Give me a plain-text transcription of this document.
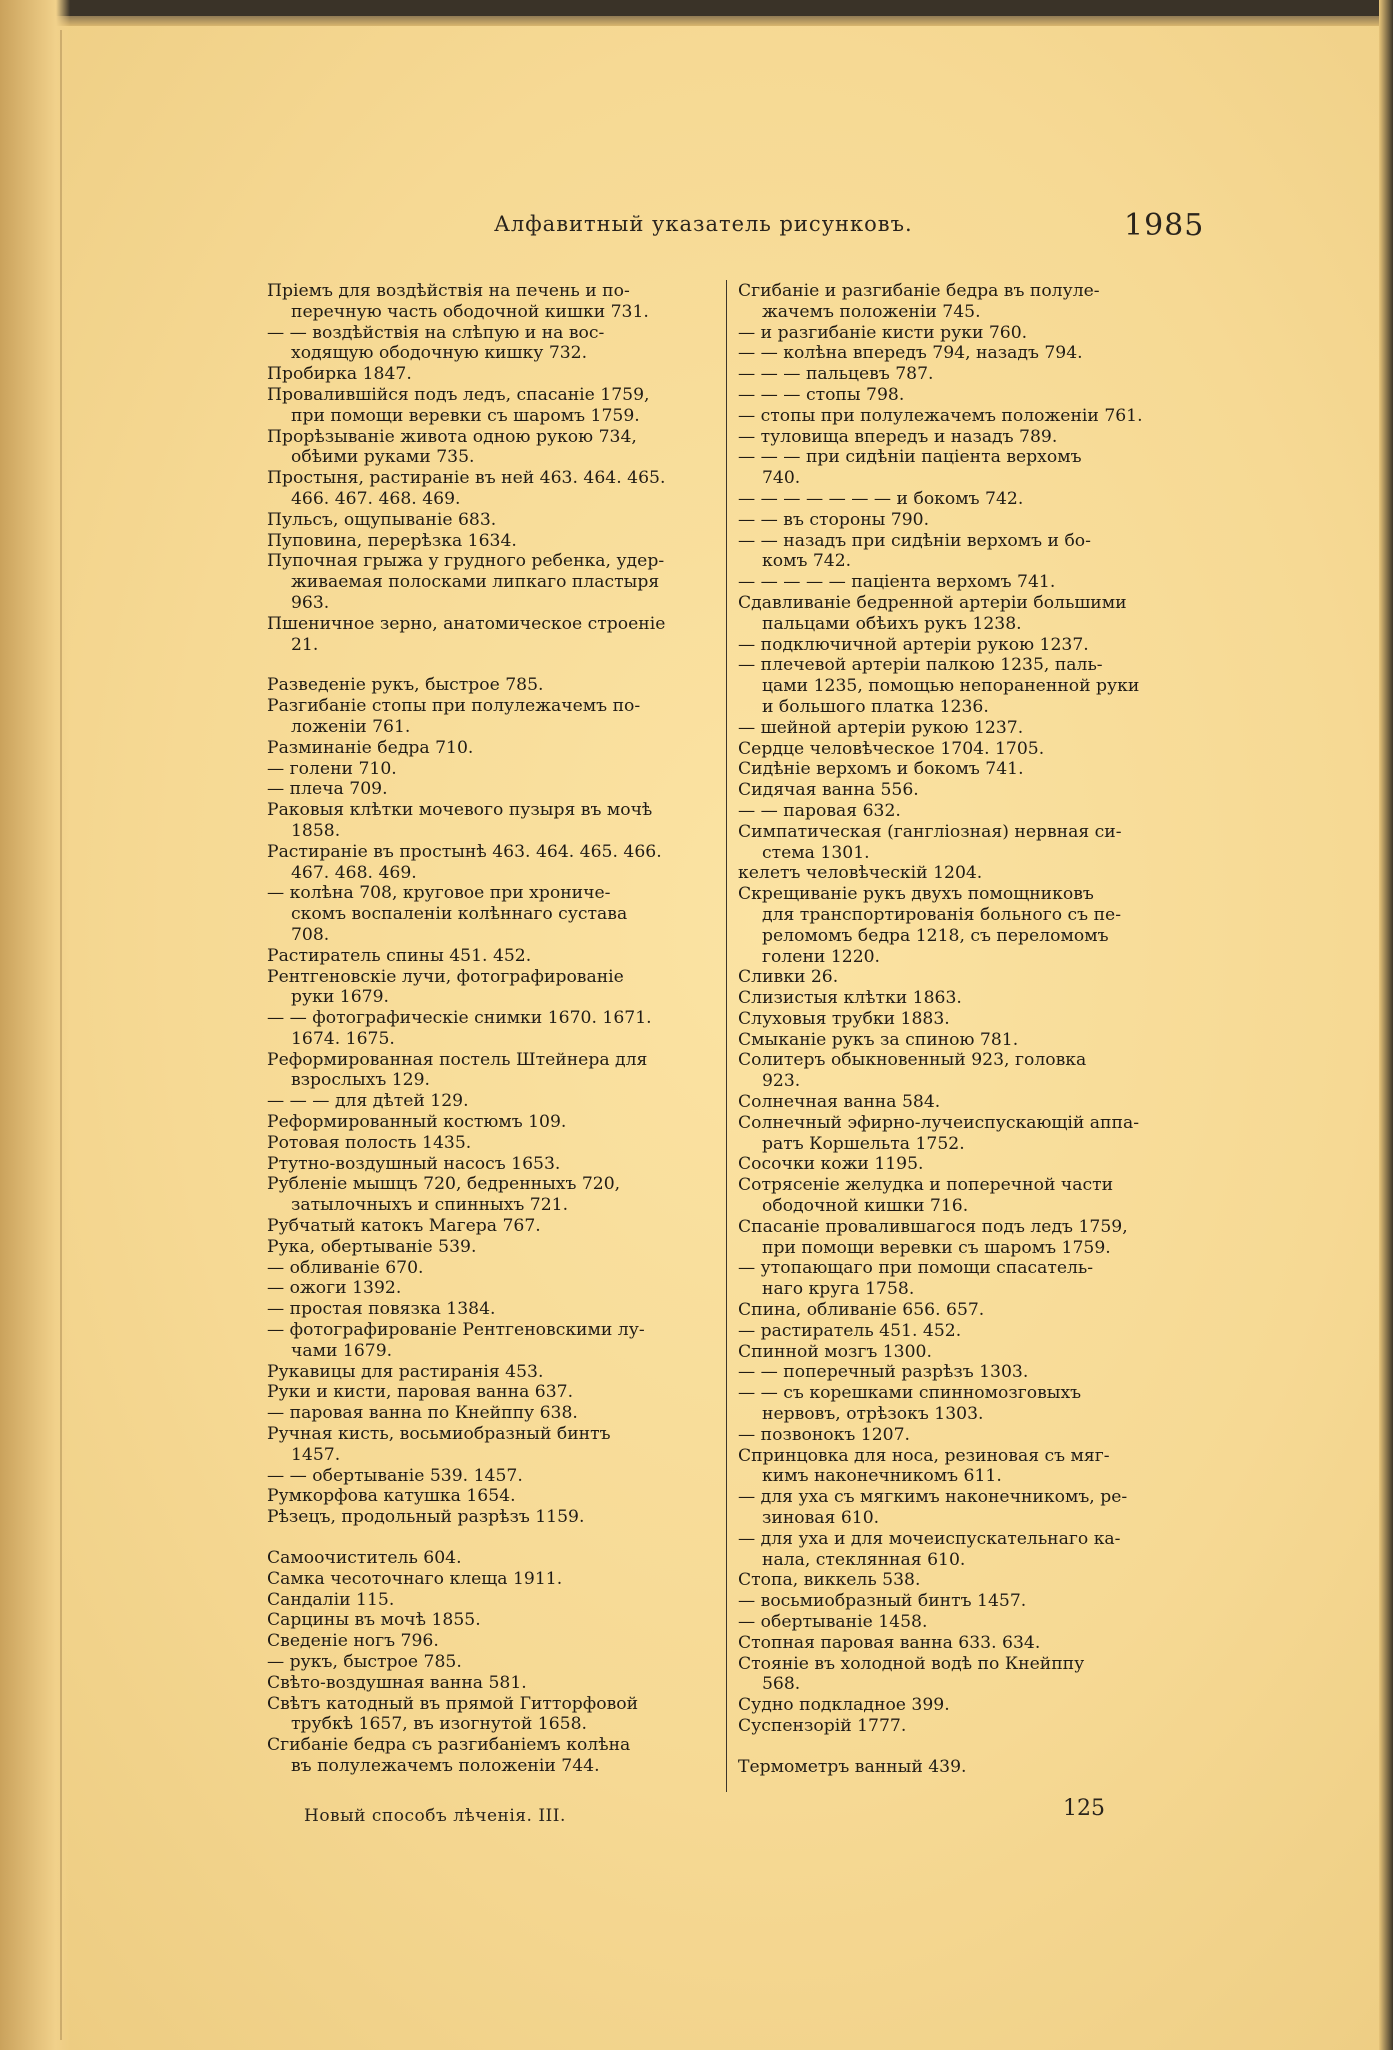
Алфавитный указатель рисунковъ.	1985
Пріемъ для воздѣйствія на печень и по-
перечную часть ободочной кишки 731.
— — воздѣйствія на слѣпую и на вос-
ходящую ободочную кишку 732.
Пробирка 1847.
Проваливш‍ійся подъ ледъ, спасаніе 1759,
при помощи веревки съ шаромъ 1759.
Прорѣзываніе живота одною рукою 734,
обѣими руками 735.
Простыня, растираніе въ ней 463. 464. 465.
466. 467. 468. 469.
Пульсъ, ощупываніе 683.
Пуповина, перерѣзка 1634.
Пупочная грыжа у грудного ребенка, удер-
живаемая полосками липкаго пластыря
963.
Пшеничное зерно, анатомическое строеніе
21.
Разведеніе рукъ, быстрое 785.
Разгибаніе стопы при полулежачемъ по-
ложеніи 761.
Разминаніе бедра 710.
— голени 710.
— плеча 709.
Раковыя клѣтки мочевого пузыря въ мочѣ
1858.
Растираніе въ простынѣ 463. 464. 465. 466.
467. 468. 469.
— колѣна 708, круговое при хрониче-
скомъ воспаленіи колѣннаго сустава
708.
Растиратель спины 451. 452.
Рентгеновскіе лучи, фотографированіе
руки 1679.
— — фотографическіе снимки 1670. 1671.
1674. 1675.
Реформированная постель Штейнера для
взрослыхъ 129.
— — — для дѣтей 129.
Реформированный костюмъ 109.
Ротовая полость 1435.
Ртутно-воздушный насосъ 1653.
Рубленіе мышцъ 720, бедренныхъ 720,
затылочныхъ и спинныхъ 721.
Рубчатый катокъ Магера 767.
Рука, обертываніе 539.
— обливаніе 670.
— ожоги 1392.
— простая повязка 1384.
— фотографированіе Рентгеновскими лу-
чами 1679.
Рукавицы для растиранія 453.
Руки и кисти, паровая ванна 637.
— паровая ванна по Кнейппу 638.
Ручная кисть, восьмиобразный бинтъ
1457.
— — обертываніе 539. 1457.
Румкорфова катушка 1654.
Рѣзецъ, продольный разрѣзъ 1159.
Самоочиститель 604.
Самка чесоточнаго клеща 1911.
Сандаліи 115.
Сарцины въ мочѣ 1855.
Сведеніе ногъ 796.
— рукъ, быстрое 785.
Свѣто-воздушная ванна 581.
Свѣтъ катодный въ прямой Гитторфовой
трубкѣ 1657, въ изогнутой 1658.
Сгибаніе бедра съ разгибаніемъ колѣна
въ полулежачемъ положеніи 744.
Сгибаніе и разгибаніе бедра въ полуле-
жачемъ положеніи 745.
— и разгибаніе кисти руки 760.
— — колѣна впередъ 794, назадъ 794.
— — — пальцевъ 787.
— — — стопы 798.
— стопы при полулежачемъ положеніи 761.
— туловища впередъ и назадъ 789.
— — — при сидѣніи паціента верхомъ
740.
— — — — — — — и бокомъ 742.
— — въ стороны 790.
— — назадъ при сидѣніи верхомъ и бо-
комъ 742.
— — — — — паціента верхомъ 741.
Сдавливаніе бедренной артеріи большими
пальцами обѣихъ рукъ 1238.
— подключичной артеріи рукою 1237.
— плечевой артеріи палкою 1235, паль-
цами 1235, помощью непораненной руки
и большого платка 1236.
— шейной артеріи рукою 1237.
Сердце человѣческое 1704. 1705.
Сидѣніе верхомъ и бокомъ 741.
Сидячая ванна 556.
— — паровая 632.
Симпатическая (гангліозная) нервная си-
стема 1301.
келетъ человѣческій 1204.
Скрещиваніе рукъ двухъ помощниковъ
для транспортированія больного съ пе-
реломомъ бедра 1218, съ переломомъ
голени 1220.
Сливки 26.
Слизистыя клѣтки 1863.
Слуховыя трубки 1883.
Смыканіе рукъ за спиною 781.
Солитеръ обыкновенный 923, головка
923.
Солнечная ванна 584.
Солнечный эфирно-лучеиспускающій аппа-
ратъ Коршельта 1752.
Сосочки кожи 1195.
Сотрясеніе желудка и поперечной части
ободочной кишки 716.
Спасаніе провалившагося подъ ледъ 1759,
при помощи веревки съ шаромъ 1759.
— утопающаго при помощи спасатель-
наго круга 1758.
Спина, обливаніе 656. 657.
— растиратель 451. 452.
Спинной мозгъ 1300.
— — поперечный разрѣзъ 1303.
— — съ корешками спинномозговыхъ
нервовъ, отрѣзокъ 1303.
— позвонокъ 1207.
Спринцовка для носа, резиновая съ мяг-
кимъ наконечникомъ 611.
— для уха съ мягкимъ наконечникомъ, ре-
зиновая 610.
— для уха и для мочеиспускательнаго ка-
нала, стеклянная 610.
Стопа, виккель 538.
— восьмиобразный бинтъ 1457.
— обертываніе 1458.
Стопная паровая ванна 633. 634.
Стояніе въ холодной водѣ по Кнейппу
568.
Судно подкладное 399.
Суспензорій 1777.
Термометръ ванный 439.
Новый способъ лѣченія. III.	125
